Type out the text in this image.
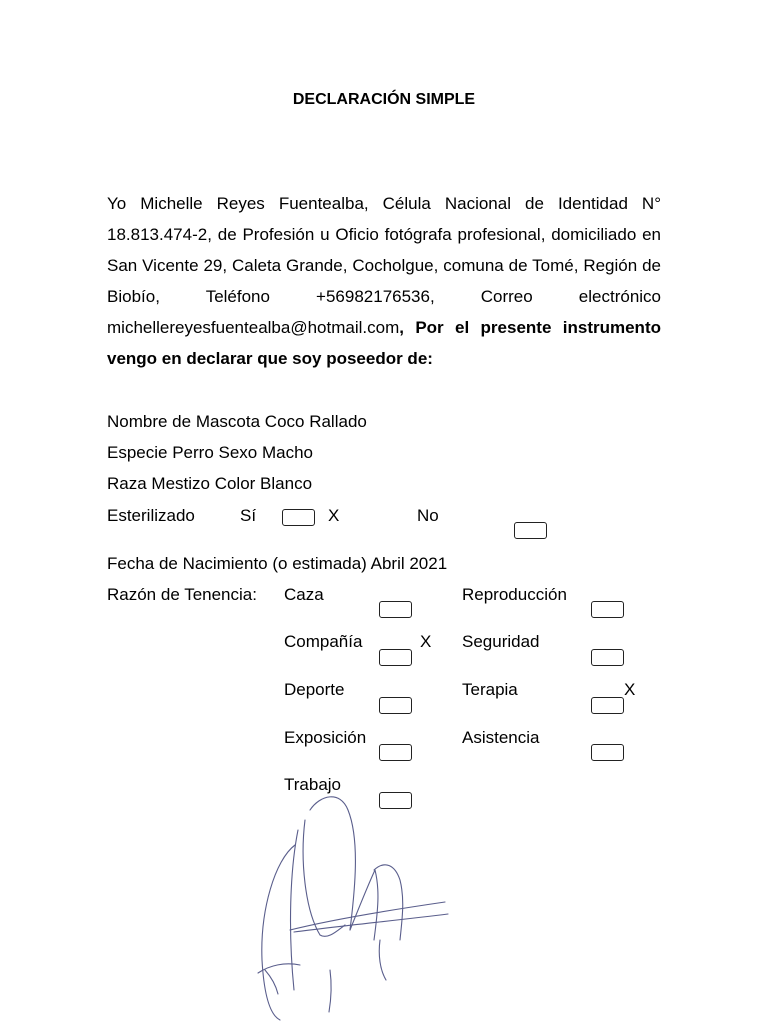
DECLARACIÓN SIMPLE
Yo Michelle Reyes Fuentealba, Célula Nacional de Identidad N° 18.813.474-2, de Profesión u Oficio fotógrafa profesional, domiciliado en San Vicente 29, Caleta Grande, Cocholgue, comuna de Tomé, Región de Biobío, Teléfono +56982176536, Correo electrónico michellereyesfuentealba@hotmail.com, Por el presente instrumento vengo en declarar que soy poseedor de:
Nombre de Mascota Coco Rallado
Especie Perro Sexo Macho
Raza Mestizo Color Blanco
Esterilizado	Sí	X	No
Fecha de Nacimiento (o estimada) Abril 2021
Razón de Tenencia: Caza	Reproducción
Compañía	X Seguridad
Deporte	Terapia	X
Exposición	Asistencia
Trabajo
